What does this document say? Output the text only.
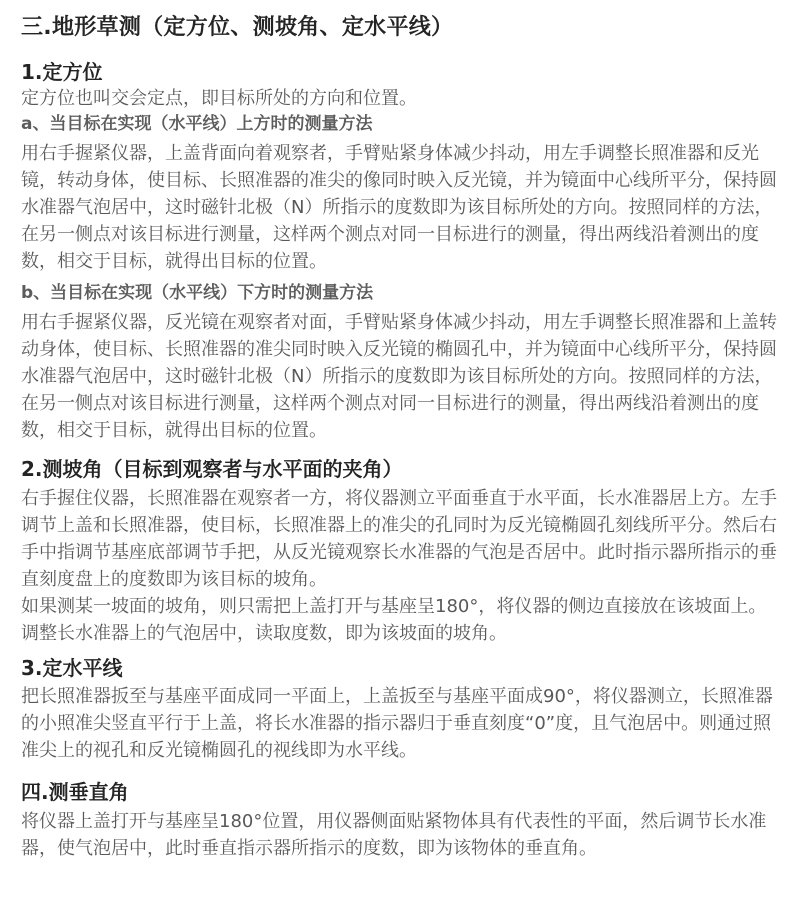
三.地形草测（定方位、测坡角、定水平线）
1.定方位

定方位也叫交会定点，即目标所处的方向和位置。

a、当目标在实现（水平线）上方时的测量方法

用右手握紧仪器，上盖背面向着观察者，手臂贴紧身体减少抖动，用左手调整长照准器和反光镜，转动身体，使目标、长照准器的准尖的像同时映入反光镜，并为镜面中心线所平分，保持圆水准器气泡居中，这时磁针北极（N）所指示的度数即为该目标所处的方向。按照同样的方法，在另一侧点对该目标进行测量，这样两个测点对同一目标进行的测量，得出两线沿着测出的度数，相交于目标，就得出目标的位置。

b、当目标在实现（水平线）下方时的测量方法

用右手握紧仪器，反光镜在观察者对面，手臂贴紧身体减少抖动，用左手调整长照准器和上盖转动身体，使目标、长照准器的准尖同时映入反光镜的椭圆孔中，并为镜面中心线所平分，保持圆水准器气泡居中，这时磁针北极（N）所指示的度数即为该目标所处的方向。按照同样的方法，在另一侧点对该目标进行测量，这样两个测点对同一目标进行的测量，得出两线沿着测出的度数，相交于目标，就得出目标的位置。

2.测坡角（目标到观察者与水平面的夹角）

右手握住仪器，长照准器在观察者一方，将仪器测立平面垂直于水平面，长水准器居上方。左手调节上盖和长照准器，使目标，长照准器上的准尖的孔同时为反光镜椭圆孔刻线所平分。然后右手中指调节基座底部调节手把，从反光镜观察长水准器的气泡是否居中。此时指示器所指示的垂直刻度盘上的度数即为该目标的坡角。

如果测某一坡面的坡角，则只需把上盖打开与基座呈180°，将仪器的侧边直接放在该坡面上。调整长水准器上的气泡居中，读取度数，即为该坡面的坡角。

3.定水平线

把长照准器扳至与基座平面成同一平面上，上盖扳至与基座平面成90°，将仪器测立，长照准器的小照准尖竖直平行于上盖，将长水准器的指示器归于垂直刻度“0”度，且气泡居中。则通过照准尖上的视孔和反光镜椭圆孔的视线即为水平线。

四.测垂直角

将仪器上盖打开与基座呈180°位置，用仪器侧面贴紧物体具有代表性的平面，然后调节长水准器，使气泡居中，此时垂直指示器所指示的度数，即为该物体的垂直角。
